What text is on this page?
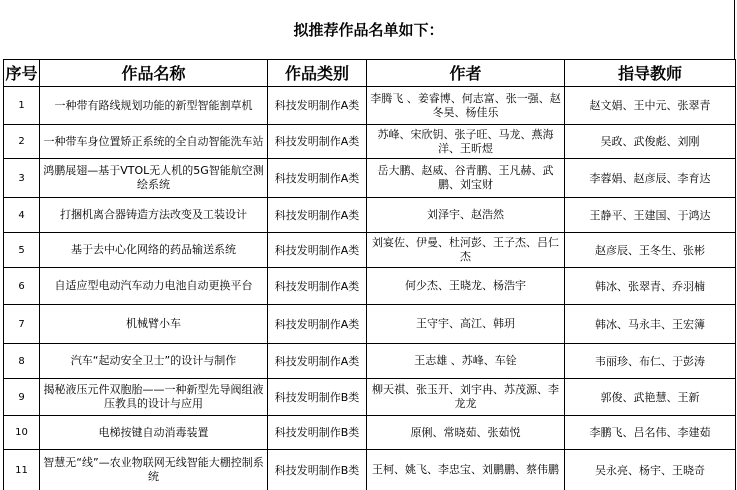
拟推荐作品名单如下：
序号	作品名称	作品类别	作者	指导教师
1	一种带有路线规划功能的新型智能割草机	科技发明制作A类	李腾飞 、姜睿博、何志富、张一强、赵冬昊、杨佳乐	赵文娟、王中元、张翠青
2	一种带车身位置矫正系统的全自动智能洗车站	科技发明制作A类	苏峰、宋欣钥、张子旺、马龙、燕海洋、王昕煜	吴政、武俊彪、刘刚
3	鸿鹏展翅—基于VTOL无人机的5G智能航空测绘系统	科技发明制作A类	岳大鹏、赵威、谷青鹏、王凡赫、武鹏、刘宝财	李蓉娟、赵彦辰、李育达
4	打捆机离合器铸造方法改变及工装设计	科技发明制作A类	刘泽宇、赵浩然	王静平、王建国、于鸿达
5	基于去中心化网络的药品输送系统	科技发明制作A类	刘宴佐、伊曼、杜河彭、王子杰、吕仁杰	赵彦辰、王冬生、张彬
6	自适应型电动汽车动力电池自动更换平台	科技发明制作A类	何少杰、王晓龙、杨浩宇	韩冰、张翠青、乔羽楠
7	机械臂小车	科技发明制作A类	王守宇、高江、韩玥	韩冰、马永丰、王宏簿
8	汽车“起动安全卫士”的设计与制作	科技发明制作A类	王志雄 、苏峰、车铨	韦丽珍、布仁、于彭涛
9	揭秘液压元件双胞胎——一种新型先导阀组液压教具的设计与应用	科技发明制作B类	柳天祺、张玉开、刘宇冉、苏茂源、李龙龙	郭俊、武艳慧、王新
10	电梯按键自动消毒装置	科技发明制作B类	原俐、常晓茹、张茹悦	李鹏飞、吕名伟、李建茹
11	智慧无“线”—农业物联网无线智能大棚控制系统	科技发明制作B类	王柯、姚飞、李忠宝、刘鹏鹏、蔡伟鹏	吴永亮、杨宇、王晓奇
